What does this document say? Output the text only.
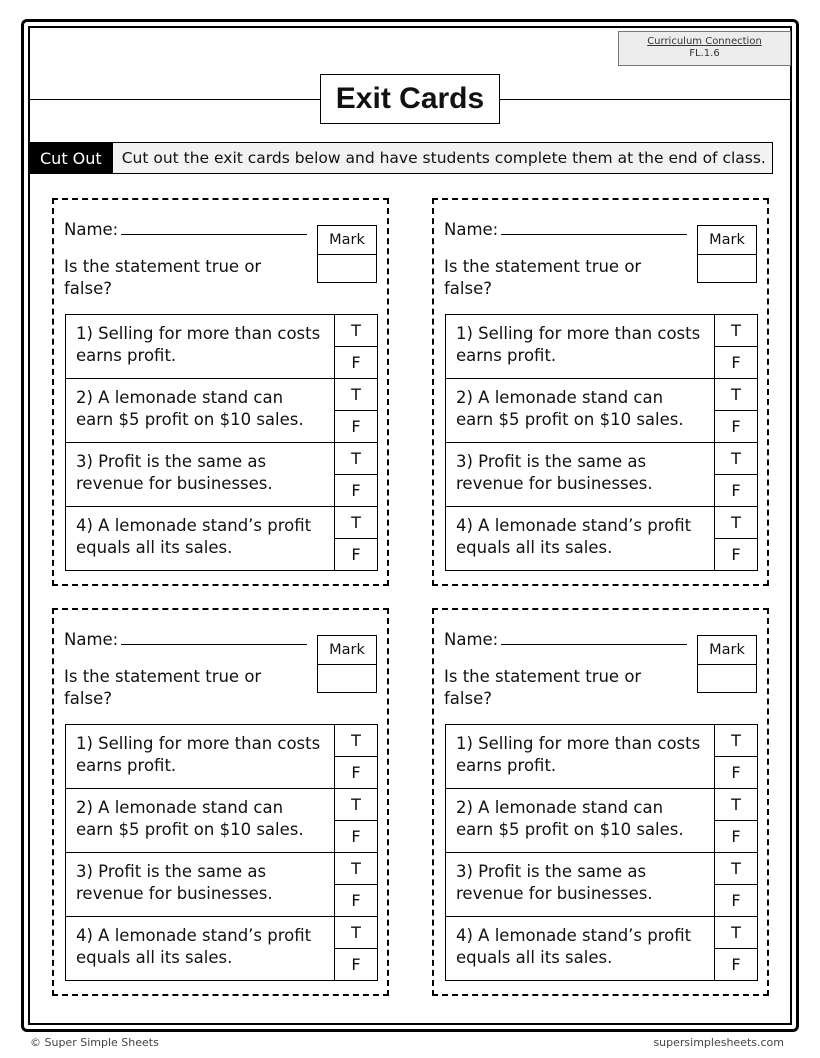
Curriculum Connection
FL.1.6
Exit Cards
Cut Out	Cut out the exit cards below and have students complete them at the end of class.
Name:
Is the statement true or false?
Mark
1) Selling for more than costs earns profit.
T
F
2) A lemonade stand can earn $5 profit on $10 sales.
T
F
3) Profit is the same as revenue for businesses.
T
F
4) A lemonade stand’s profit equals all its sales.
T
F
Name:
Is the statement true or false?
Mark
1) Selling for more than costs earns profit.
T
F
2) A lemonade stand can earn $5 profit on $10 sales.
T
F
3) Profit is the same as revenue for businesses.
T
F
4) A lemonade stand’s profit equals all its sales.
T
F
Name:
Is the statement true or false?
Mark
1) Selling for more than costs earns profit.
T
F
2) A lemonade stand can earn $5 profit on $10 sales.
T
F
3) Profit is the same as revenue for businesses.
T
F
4) A lemonade stand’s profit equals all its sales.
T
F
Name:
Is the statement true or false?
Mark
1) Selling for more than costs earns profit.
T
F
2) A lemonade stand can earn $5 profit on $10 sales.
T
F
3) Profit is the same as revenue for businesses.
T
F
4) A lemonade stand’s profit equals all its sales.
T
F
© Super Simple Sheets	supersimplesheets.com
